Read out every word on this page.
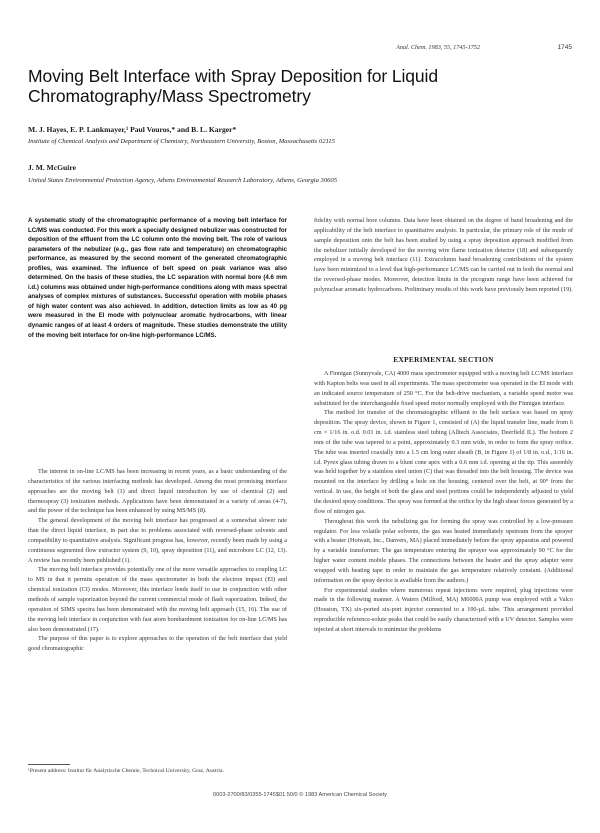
Anal. Chem. 1983, 55, 1745-1752	1745
Moving Belt Interface with Spray Deposition for Liquid Chromatography/Mass Spectrometry
M. J. Hayes, E. P. Lankmayer,¹ Paul Vouros,* and B. L. Karger*
Institute of Chemical Analysis and Department of Chemistry, Northeastern University, Boston, Massachusetts 02115
J. M. McGuire
United States Environmental Protection Agency, Athens Environmental Research Laboratory, Athens, Georgia 30605
A systematic study of the chromatographic performance of a moving belt interface for LC/MS was conducted. For this work a specially designed nebulizer was constructed for deposition of the effluent from the LC column onto the moving belt. The role of various parameters of the nebulizer (e.g., gas flow rate and temperature) on chromatographic performance, as measured by the second moment of the generated chromatographic profiles, was examined. The influence of belt speed on peak variance was also determined. On the basis of these studies, the LC separation with normal bore (4.6 mm i.d.) columns was obtained under high-performance conditions along with mass spectral analyses of complex mixtures of substances. Successful operation with mobile phases of high water content was also achieved. In addition, detection limits as low as 40 pg were measured in the EI mode with polynuclear aromatic hydrocarbons, with linear dynamic ranges of at least 4 orders of magnitude. These studies demonstrate the utility of the moving belt interface for on-line high-performance LC/MS.

The interest in on-line LC/MS has been increasing in recent years, as a basic understanding of the characteristics of the various interfacing methods has developed. Among the most promising interface approaches are the moving belt (1) and direct liquid introduction by use of chemical (2) and thermospray (3) ionization methods. Applications have been demonstrated in a variety of areas (4-7), and the power of the technique has been enhanced by using MS/MS (8).

The general development of the moving belt interface has progressed at a somewhat slower rate than the direct liquid interface, in part due to problems associated with reversed-phase solvents and compatibility to quantitative analysis. Significant progress has, however, recently been made by using a continuous segmented flow extractor system (9, 10), spray deposition (11), and microbore LC (12, 13). A review has recently been published (1).

The moving belt interface provides potentially one of the more versatile approaches to coupling LC to MS in that it permits operation of the mass spectrometer in both the electron impact (EI) and chemical ionization (CI) modes. Moreover, this interface lends itself to use in conjunction with other methods of sample vaporization beyond the current commercial mode of flash vaporization. Indeed, the operation of SIMS spectra has been demonstrated with the moving belt approach (15, 16). The use of the moving belt interface in conjunction with fast atom bombardment ionization for on-line LC/MS has also been demonstrated (17).

The purpose of this paper is to explore approaches to the operation of the belt interface that yield good chromatographic

¹Present address: Institut für Analytische Chemie, Technical University, Graz, Austria.

fidelity with normal bore columns. Data have been obtained on the degree of band broadening and the applicability of the belt interface to quantitative analysis. In particular, the primary role of the mode of sample deposition onto the belt has been studied by using a spray deposition approach modified from the nebulizer initially developed for the moving wire flame ionization detector (18) and subsequently employed in a moving belt interface (11). Extracolumn band broadening contributions of the system have been minimized to a level that high-performance LC/MS can be carried out in both the normal and the reversed-phase modes. Moreover, detection limits in the picogram range have been achieved for polynuclear aromatic hydrocarbons. Preliminary results of this work have previously been reported (19).

EXPERIMENTAL SECTION

A Finnigan (Sunnyvale, CA) 4000 mass spectrometer equipped with a moving belt LC/MS interface with Kapton belts was used in all experiments. The mass spectrometer was operated in the EI mode with an indicated source temperature of 250 °C. For the belt-drive mechanism, a variable speed motor was substituted for the interchangeable fixed speed motor normally employed with the Finnigan interface.

The method for transfer of the chromatographic effluent to the belt surface was based on spray deposition. The spray device, shown in Figure 1, consisted of (A) the liquid transfer line, made from 6 cm × 1/16 in. o.d. 0.01 in. i.d. stainless steel tubing (Alltech Associates, Deerfield IL). The bottom 2 mm of the tube was tapered to a point, approximately 0.3 mm wide, in order to form the spray orifice. The tube was inserted coaxially into a 1.5 cm long outer sheath (B, in Figure 1) of 1/8 in. o.d., 1/16 in. i.d. Pyrex glass tubing drawn to a blunt cone apex with a 0.6 mm i.d. opening at the tip. This assembly was held together by a stainless steel union (C) that was threaded into the belt housing. The device was mounted on the interface by drilling a hole on the housing, centered over the belt, at 90° from the vertical. In use, the height of both the glass and steel portions could be independently adjusted to yield the desired spray conditions. The spray was formed at the orifice by the high shear forces generated by a flow of nitrogen gas.

Throughout this work the nebulizing gas for forming the spray was controlled by a low-pressure regulator. For less volatile polar solvents, the gas was heated immediately upstream from the sprayer with a heater (Hotwatt, Inc., Danvers, MA) placed immediately before the spray apparatus and powered by a variable transformer. The gas temperature entering the sprayer was approximately 90 °C for the higher water content mobile phases. The connections between the heater and the spray adapter were wrapped with heating tape in order to maintain the gas temperature relatively constant. (Additional information on the spray device is available from the authors.)

For experimental studies where numerous repeat injections were required, plug injections were made in the following manner. A Waters (Milford, MA) M6000A pump was employed with a Valco (Houston, TX) six-ported six-port injector connected to a 100-µL tube. This arrangement provided reproducible reference-solute peaks that could be easily characterized with a UV detector. Samples were injected at short intervals to minimize the problems

0003-2700/83/0355-1745$01.50/0 © 1983 American Chemical Society
